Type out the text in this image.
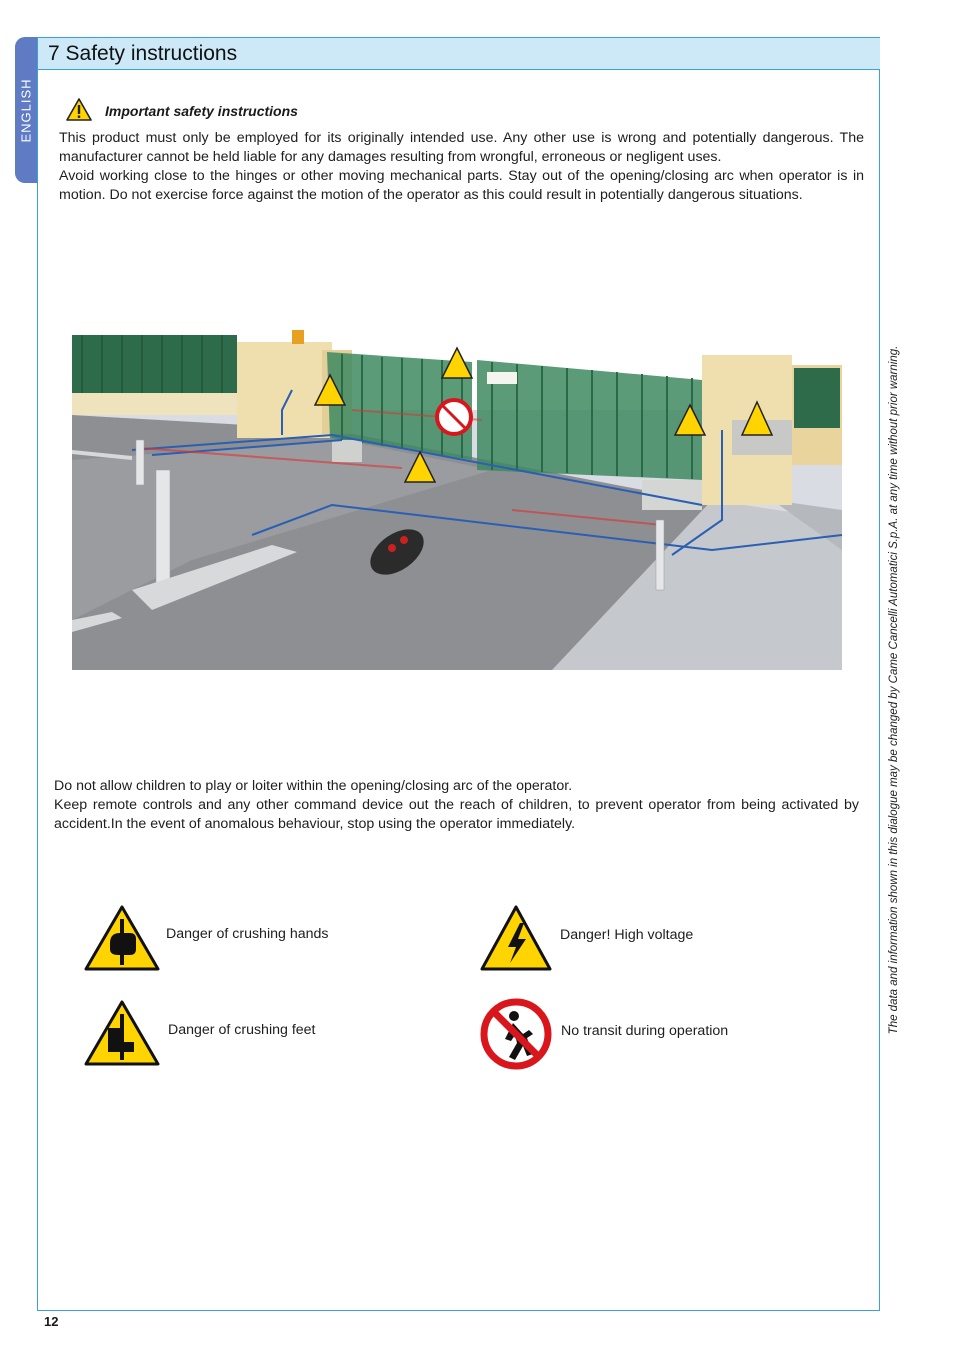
7 Safety instructions
ENGLISH
The data and information shown in this dialogue may be changed by Came Cancelli Automatici S.p.A. at any time without prior warning.
Important safety instructions
This product must only be employed for its originally intended use. Any other use is wrong and potentially dangerous. The manufacturer cannot be held liable for any damages resulting from wrongful, erroneous or negligent uses.
Avoid working close to the hinges or other moving mechanical parts. Stay out of the opening/closing arc when operator is in motion. Do not exercise force against the motion of the operator as this could result in potentially dangerous situations.
Do not allow children to play or loiter within the opening/closing arc of the operator.
Keep remote controls and any other command device out the reach of children, to prevent operator from being activated by accident.In the event of anomalous behaviour, stop using the operator immediately.
Danger of crushing hands	Danger! High voltage
Danger of crushing feet	No transit during operation
12
